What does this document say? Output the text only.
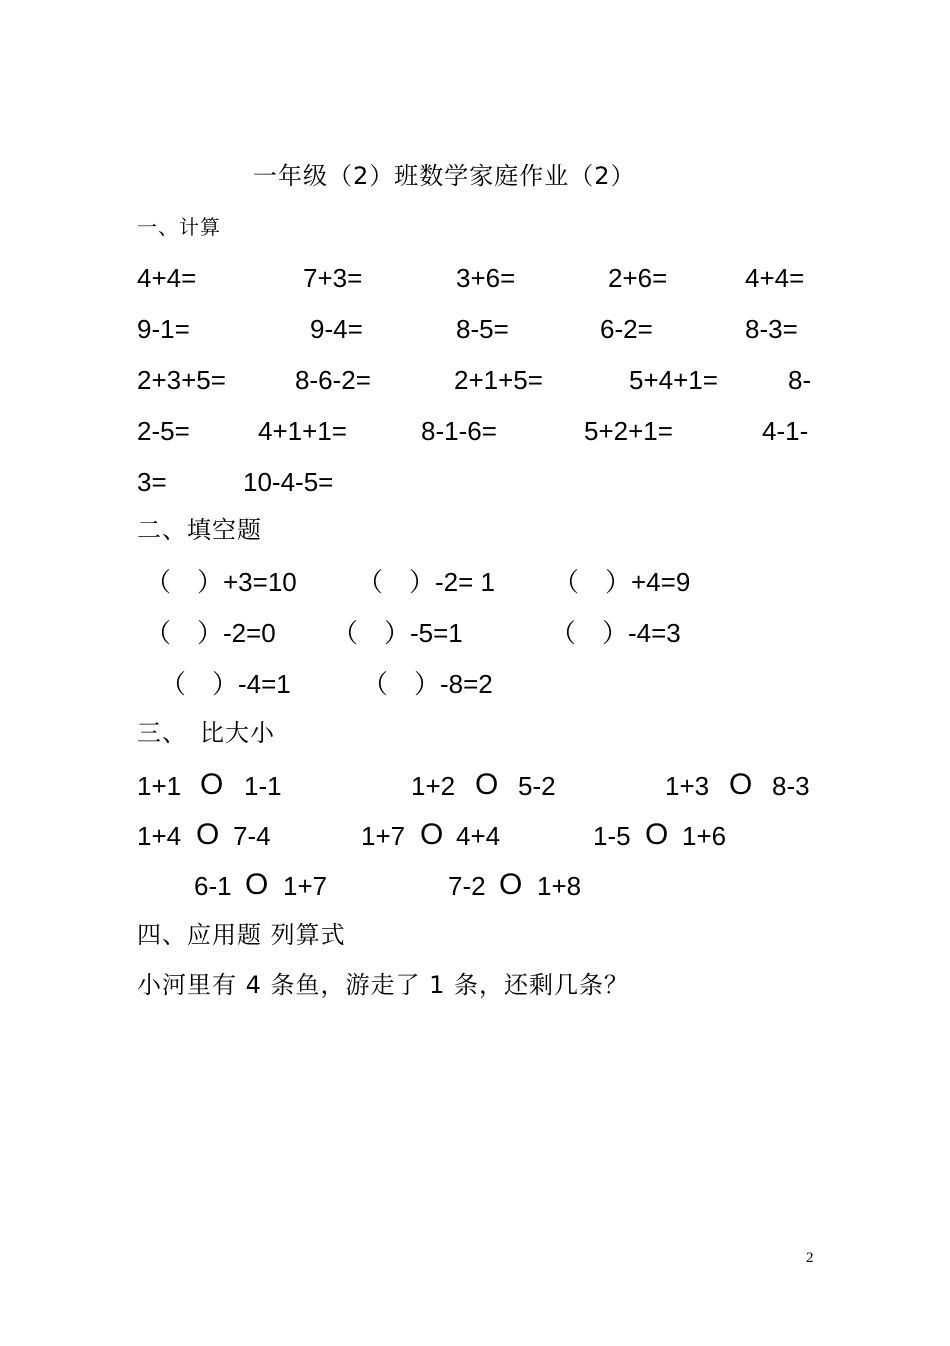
一年级（2）班数学家庭作业（2）
一、计算
4+4=	7+3=	3+6=	2+6=	4+4=
9-1=	9-4=	8-5=	6-2=	8-3=
2+3+5=	8-6-2=	2+1+5=	5+4+1=	8-
2-5=	4+1+1=	8-1-6=	5+2+1=	4-1-
3=	10-4-5=
二、填空题
（　）+3=10 （　）-2= 1 （　）+4=9
（　）-2=0 （　）-5=1	（　）-4=3
（　）-4=1	（　）-8=2
三、　比大小
1+1 O 1-1	1+2 O 5-2	1+3 O 8-3
1+4 O 7-4	1+7 O 4+4	1-5 O 1+6
6-1 O 1+7	7-2 O 1+8
四、应用题 列算式
小河里有 4 条鱼，游走了 1 条，还剩几条？
2
